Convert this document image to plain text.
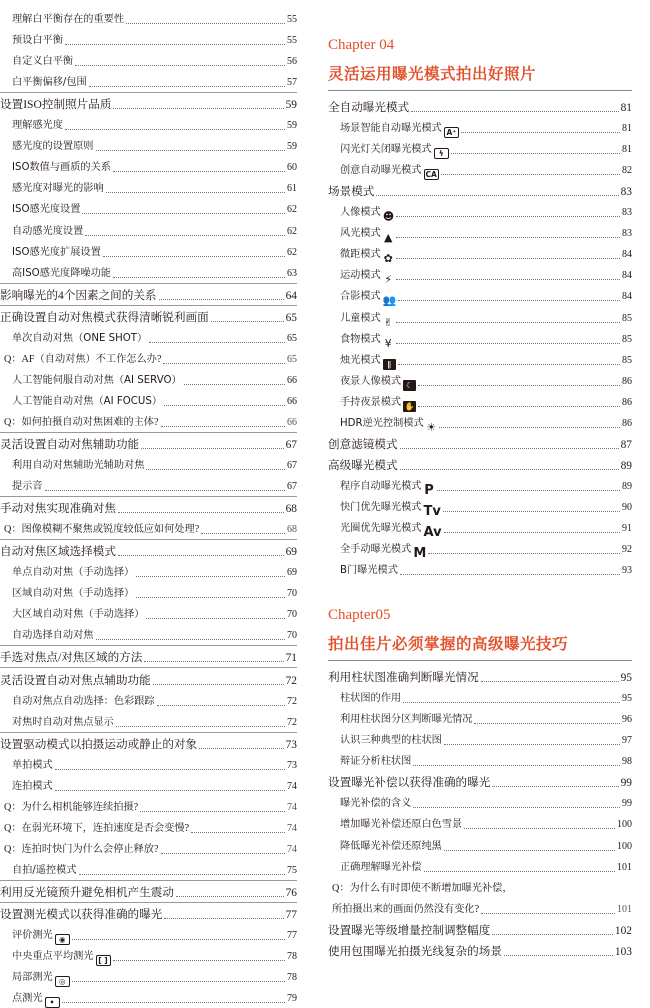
理解白平衡存在的重要性	55
预设白平衡	55
自定义白平衡	56
白平衡偏移/包围	57
设置ISO控制照片品质	59
理解感光度	59
感光度的设置原则	59
ISO数值与画质的关系	60
感光度对曝光的影响	61
ISO感光度设置	62
自动感光度设置	62
ISO感光度扩展设置	62
高ISO感光度降噪功能	63
影响曝光的4个因素之间的关系	64
正确设置自动对焦模式获得清晰锐利画面	65
单次自动对焦（ONE SHOT）	65
Q：AF（自动对焦）不工作怎么办?	65
人工智能伺服自动对焦（AI SERVO）	66
人工智能自动对焦（AI FOCUS）	66
Q：如何拍摄自动对焦困难的主体?	66
灵活设置自动对焦辅助功能	67
利用自动对焦辅助光辅助对焦	67
提示音	67
手动对焦实现准确对焦	68
Q：图像模糊不聚焦或锐度较低应如何处理?	68
自动对焦区域选择模式	69
单点自动对焦（手动选择）	69
区域自动对焦（手动选择）	70
大区域自动对焦（手动选择）	70
自动选择自动对焦	70
手选对焦点/对焦区域的方法	71
灵活设置自动对焦点辅助功能	72
自动对焦点自动选择：色彩跟踪	72
对焦时自动对焦点显示	72
设置驱动模式以拍摄运动或静止的对象	73
单拍模式	73
连拍模式	74
Q：为什么相机能够连续拍摄?	74
Q：在弱光环境下，连拍速度是否会变慢?	74
Q：连拍时快门为什么会停止释放?	74
自拍/遥控模式	75
利用反光镜预升避免相机产生震动	76
设置测光模式以获得准确的曝光	77
评价测光 ◉	77
中央重点平均测光 [ ]	78
局部测光 ◎	78
点测光 •	79
Chapter 04
灵活运用曝光模式拍出好照片
全自动曝光模式	81
场景智能自动曝光模式 A⁺	81
闪光灯关闭曝光模式 ϟ	81
创意自动曝光模式 CA	82
场景模式	83
人像模式 ☻	83
风光模式 ▲	83
微距模式 ✿	84
运动模式 ⚡	84
合影模式 👥	84
儿童模式 ✌	85
食物模式 ¥	85
烛光模式 ǁ	85
夜景人像模式 ☾	86
手持夜景模式 ✋	86
HDR逆光控制模式 ☀	86
创意滤镜模式	87
高级曝光模式	89
程序自动曝光模式 P	89
快门优先曝光模式 Tv	90
光圈优先曝光模式 Av	91
全手动曝光模式 M	92
B门曝光模式	93
Chapter05
拍出佳片必须掌握的高级曝光技巧
利用柱状图准确判断曝光情况	95
柱状图的作用	95
利用柱状图分区判断曝光情况	96
认识三种典型的柱状图	97
辩证分析柱状图	98
设置曝光补偿以获得准确的曝光	99
曝光补偿的含义	99
增加曝光补偿还原白色雪景	100
降低曝光补偿还原纯黑	100
正确理解曝光补偿	101
Q：为什么有时即使不断增加曝光补偿，
所拍摄出来的画面仍然没有变化?	101
设置曝光等级增量控制调整幅度	102
使用包围曝光拍摄光线复杂的场景	103
